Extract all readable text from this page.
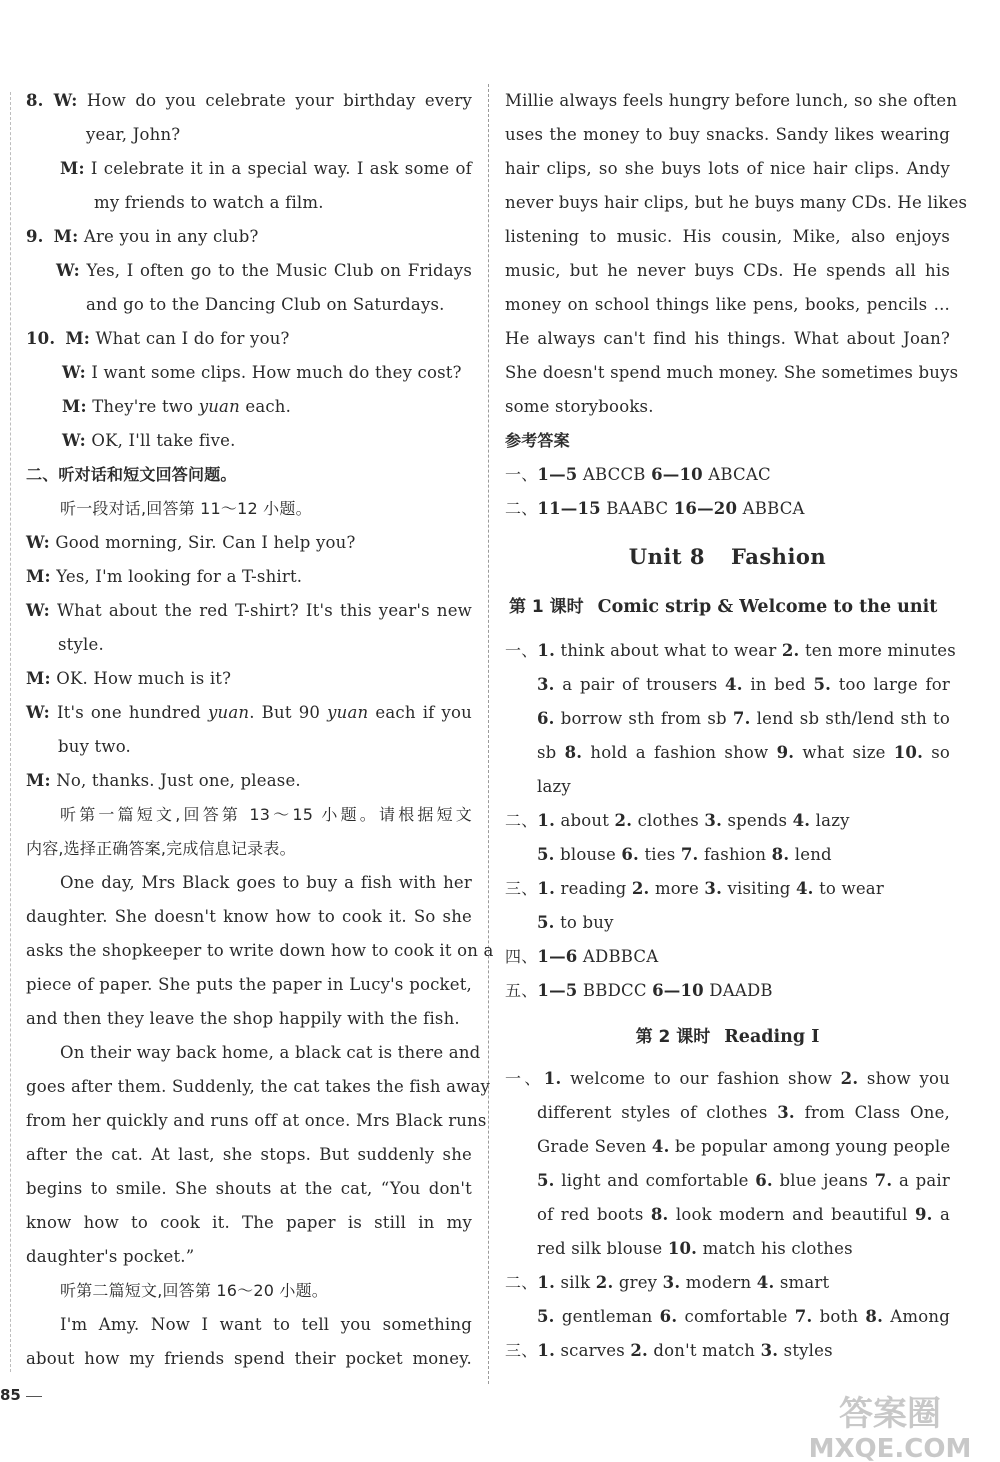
8. W: How do you celebrate your birthday every
year, John?
M: I celebrate it in a special way. I ask some of
my friends to watch a film.
9. M: Are you in any club?
W: Yes, I often go to the Music Club on Fridays
and go to the Dancing Club on Saturdays.
10. M: What can I do for you?
W: I want some clips. How much do they cost?
M: They're two yuan each.
W: OK, I'll take five.
二、听对话和短文回答问题。
听一段对话,回答第 11～12 小题。
W: Good morning, Sir. Can I help you?
M: Yes, I'm looking for a T-shirt.
W: What about the red T-shirt? It's this year's new
style.
M: OK. How much is it?
W: It's one hundred yuan. But 90 yuan each if you
buy two.
M: No, thanks. Just one, please.
听第一篇短文,回答第 13～15 小题。请根据短文
内容,选择正确答案,完成信息记录表。
One day, Mrs Black goes to buy a fish with her
daughter. She doesn't know how to cook it. So she
asks the shopkeeper to write down how to cook it on a
piece of paper. She puts the paper in Lucy's pocket,
and then they leave the shop happily with the fish.
On their way back home, a black cat is there and
goes after them. Suddenly, the cat takes the fish away
from her quickly and runs off at once. Mrs Black runs
after the cat. At last, she stops. But suddenly she
begins to smile. She shouts at the cat, “You don't
know how to cook it. The paper is still in my
daughter's pocket.”
听第二篇短文,回答第 16～20 小题。
I'm Amy. Now I want to tell you something
about how my friends spend their pocket money.
Millie always feels hungry before lunch, so she often
uses the money to buy snacks. Sandy likes wearing
hair clips, so she buys lots of nice hair clips. Andy
never buys hair clips, but he buys many CDs. He likes
listening to music. His cousin, Mike, also enjoys
music, but he never buys CDs. He spends all his
money on school things like pens, books, pencils ...
He always can't find his things. What about Joan?
She doesn't spend much money. She sometimes buys
some storybooks.
参考答案
一、1—5 ABCCB 6—10 ABCAC
二、11—15 BAABC 16—20 ABBCA
Unit 8 Fashion
第 1 课时 Comic strip & Welcome to the unit
一、1. think about what to wear 2. ten more minutes
3. a pair of trousers 4. in bed 5. too large for
6. borrow sth from sb 7. lend sb sth/lend sth to
sb 8. hold a fashion show 9. what size 10. so
lazy
二、1. about 2. clothes 3. spends 4. lazy
5. blouse 6. ties 7. fashion 8. lend
三、1. reading 2. more 3. visiting 4. to wear
5. to buy
四、1—6 ADBBCA
五、1—5 BBDCC 6—10 DAADB
第 2 课时 Reading Ⅰ
一、1. welcome to our fashion show 2. show you
different styles of clothes 3. from Class One,
Grade Seven 4. be popular among young people
5. light and comfortable 6. blue jeans 7. a pair
of red boots 8. look modern and beautiful 9. a
red silk blouse 10. match his clothes
二、1. silk 2. grey 3. modern 4. smart
5. gentleman 6. comfortable 7. both 8. Among
三、1. scarves 2. don't match 3. styles
85	答案圈
MXQE.COM
